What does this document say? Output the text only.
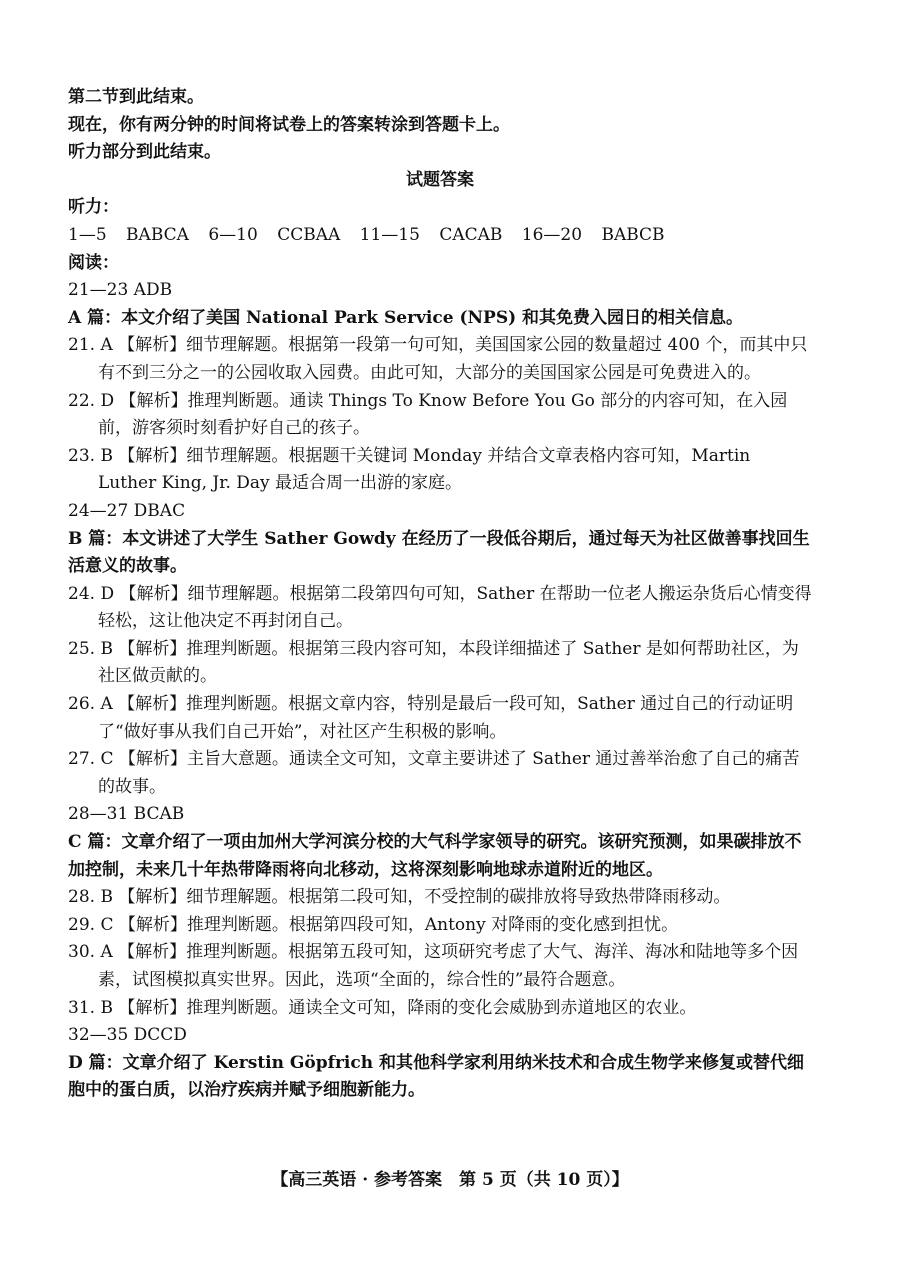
第二节到此结束。
现在，你有两分钟的时间将试卷上的答案转涂到答题卡上。
听力部分到此结束。
试题答案
听力：
1—5 BABCA 6—10 CCBAA 11—15 CACAB 16—20 BABCB
阅读：
21—23 ADB
A 篇：本文介绍了美国 National Park Service (NPS) 和其免费入园日的相关信息。
21. A 【解析】细节理解题。根据第一段第一句可知，美国国家公园的数量超过 400 个，而其中只有不到三分之一的公园收取入园费。由此可知，大部分的美国国家公园是可免费进入的。
22. D 【解析】推理判断题。通读 Things To Know Before You Go 部分的内容可知，在入园前，游客须时刻看护好自己的孩子。
23. B 【解析】细节理解题。根据题干关键词 Monday 并结合文章表格内容可知，Martin Luther King, Jr. Day 最适合周一出游的家庭。
24—27 DBAC
B 篇：本文讲述了大学生 Sather Gowdy 在经历了一段低谷期后，通过每天为社区做善事找回生活意义的故事。
24. D 【解析】细节理解题。根据第二段第四句可知，Sather 在帮助一位老人搬运杂货后心情变得轻松，这让他决定不再封闭自己。
25. B 【解析】推理判断题。根据第三段内容可知，本段详细描述了 Sather 是如何帮助社区，为社区做贡献的。
26. A 【解析】推理判断题。根据文章内容，特别是最后一段可知，Sather 通过自己的行动证明了“做好事从我们自己开始”，对社区产生积极的影响。
27. C 【解析】主旨大意题。通读全文可知，文章主要讲述了 Sather 通过善举治愈了自己的痛苦的故事。
28—31 BCAB
C 篇：文章介绍了一项由加州大学河滨分校的大气科学家领导的研究。该研究预测，如果碳排放不加控制，未来几十年热带降雨将向北移动，这将深刻影响地球赤道附近的地区。
28. B 【解析】细节理解题。根据第二段可知，不受控制的碳排放将导致热带降雨移动。
29. C 【解析】推理判断题。根据第四段可知，Antony 对降雨的变化感到担忧。
30. A 【解析】推理判断题。根据第五段可知，这项研究考虑了大气、海洋、海冰和陆地等多个因素，试图模拟真实世界。因此，选项“全面的，综合性的”最符合题意。
31. B 【解析】推理判断题。通读全文可知，降雨的变化会威胁到赤道地区的农业。
32—35 DCCD
D 篇：文章介绍了 Kerstin Göpfrich 和其他科学家利用纳米技术和合成生物学来修复或替代细胞中的蛋白质，以治疗疾病并赋予细胞新能力。
【高三英语 · 参考答案　第 5 页（共 10 页）】
